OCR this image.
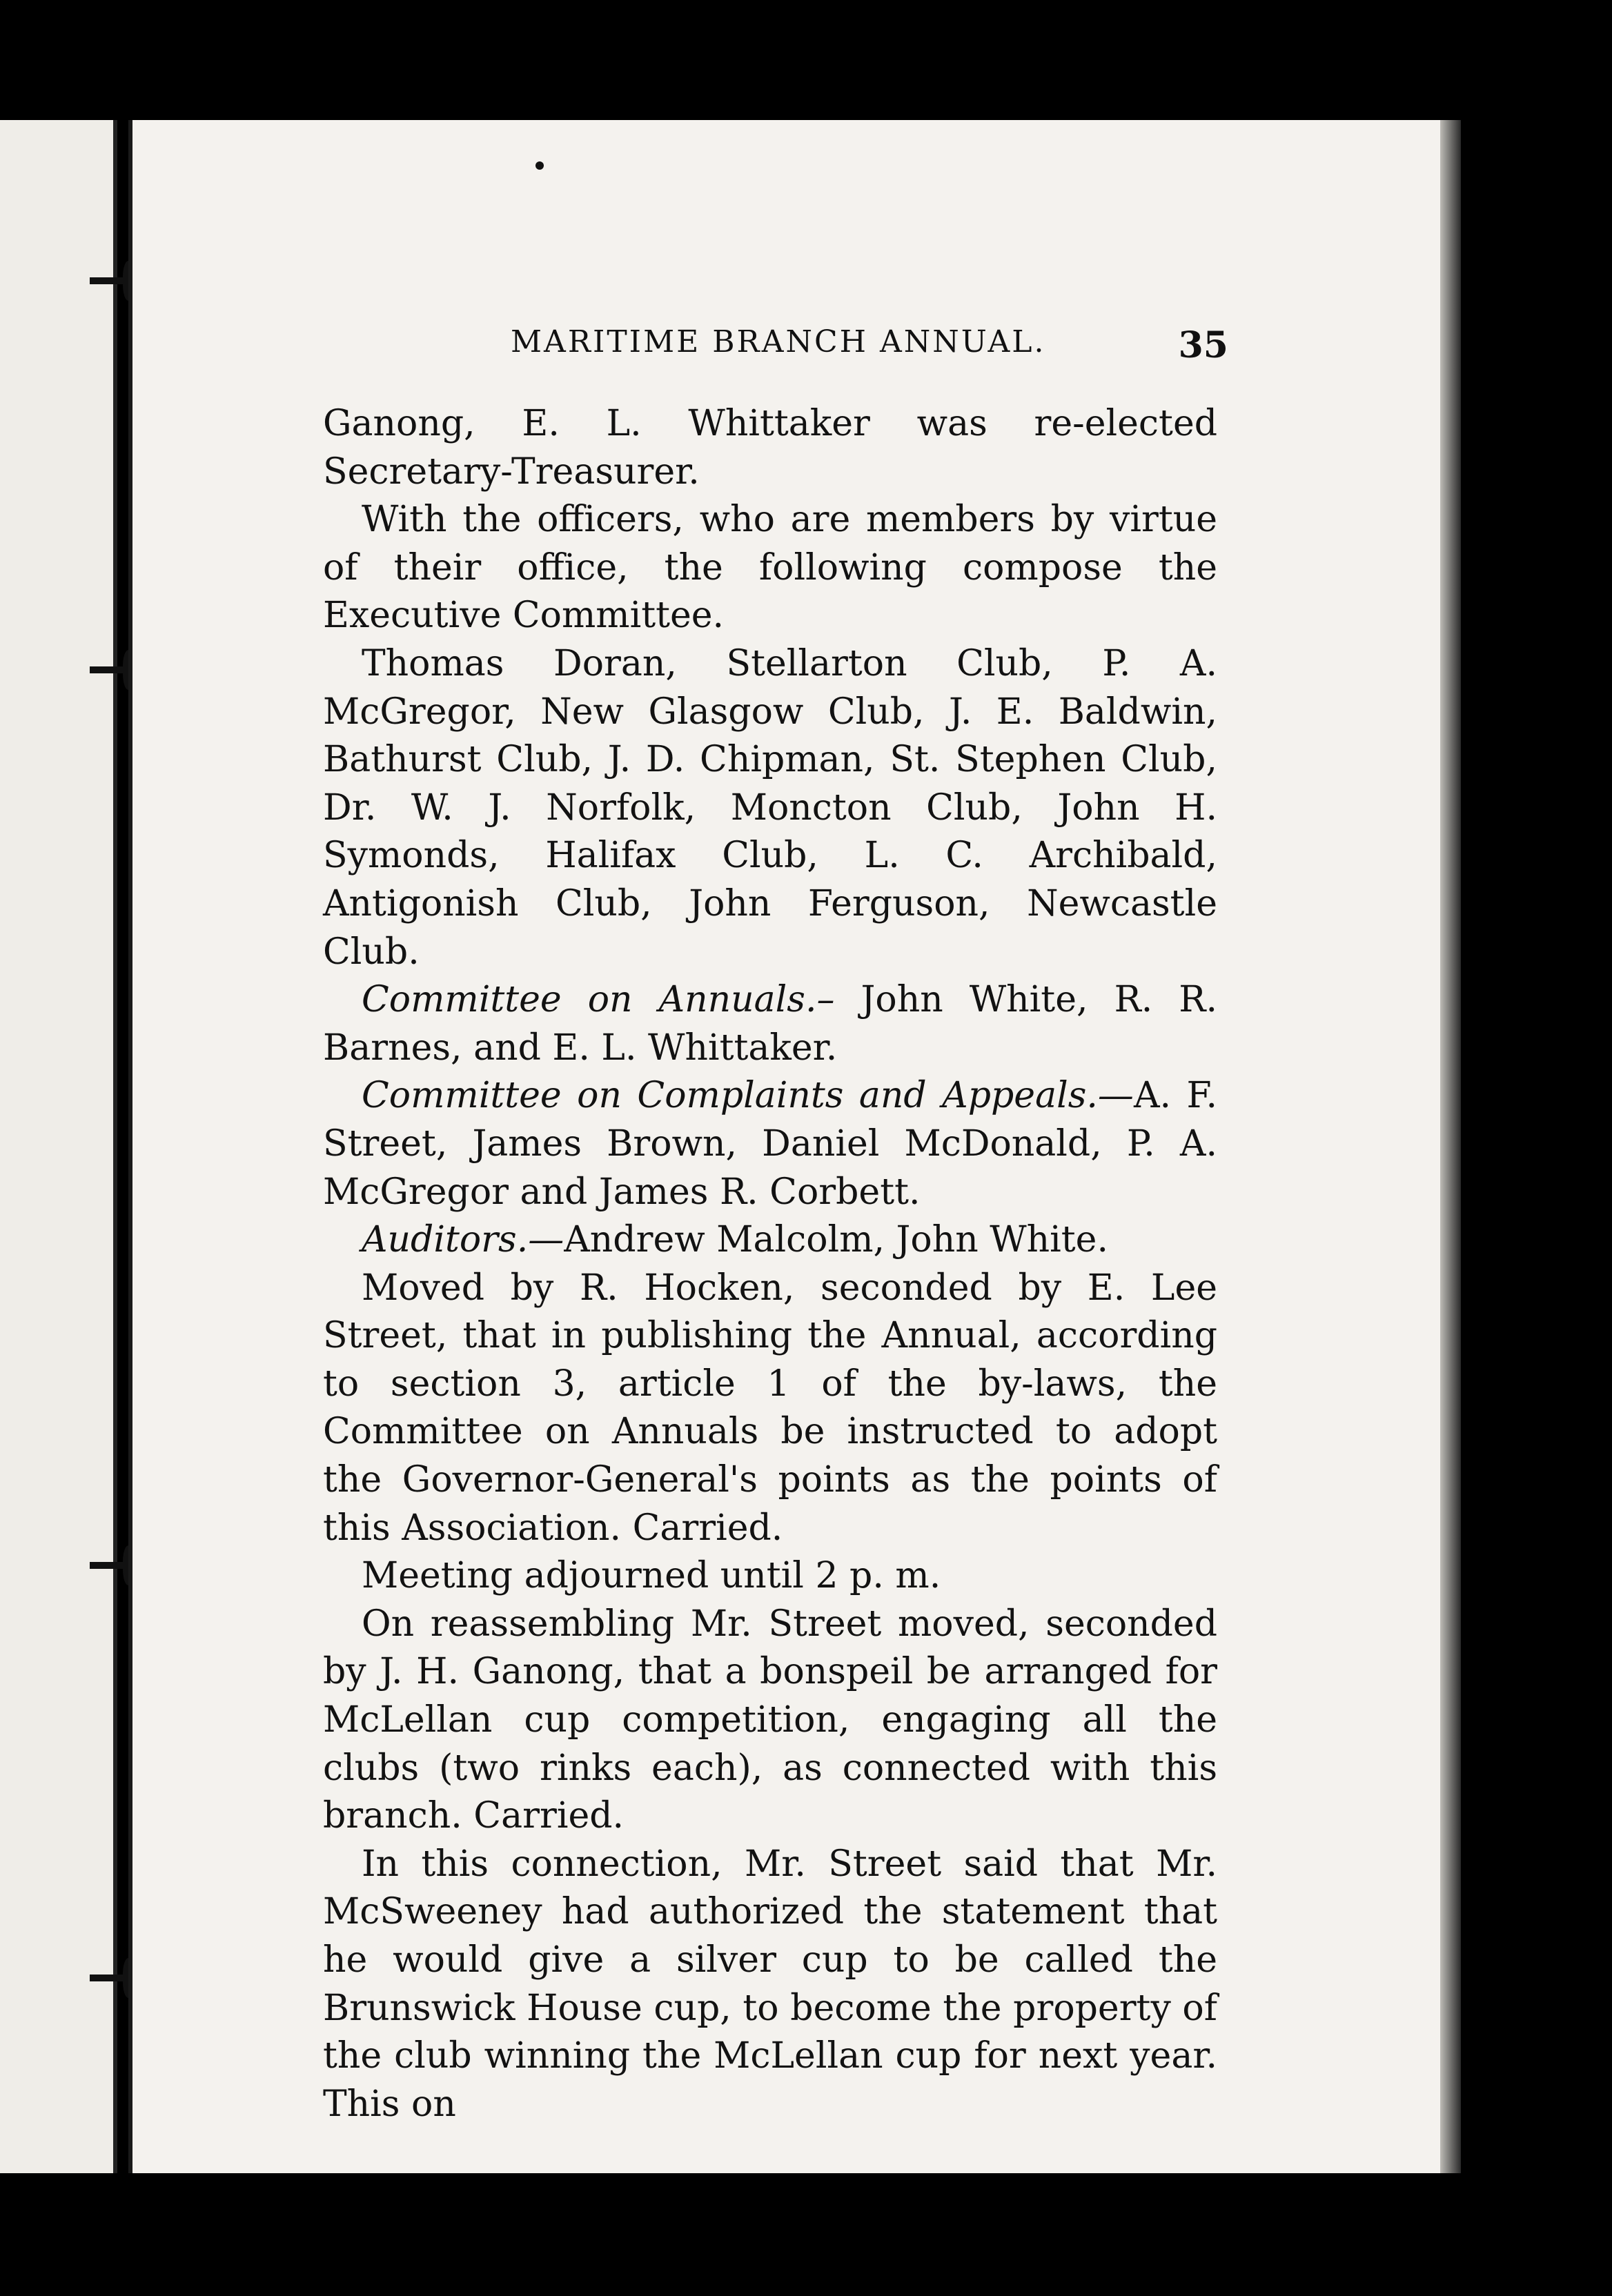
MARITIME BRANCH ANNUAL.	35

Ganong, E. L. Whittaker was re-elected Secretary-Treasurer.

With the officers, who are members by virtue of their office, the following compose the Executive Committee.

Thomas Doran, Stellarton Club, P. A. McGregor, New Glasgow Club, J. E. Baldwin, Bathurst Club, J. D. Chipman, St. Stephen Club, Dr. W. J. Norfolk, Moncton Club, John H. Symonds, Halifax Club, L. C. Archibald, Antigonish Club, John Ferguson, Newcastle Club.

Committee on Annuals.– John White, R. R. Barnes, and E. L. Whittaker.

Committee on Complaints and Appeals.—A. F. Street, James Brown, Daniel McDonald, P. A. McGregor and James R. Corbett.

Auditors.—Andrew Malcolm, John White.

Moved by R. Hocken, seconded by E. Lee Street, that in publishing the Annual, according to section 3, article 1 of the by-laws, the Committee on Annuals be instructed to adopt the Governor-General's points as the points of this Association. Carried.

Meeting adjourned until 2 p. m.

On reassembling Mr. Street moved, seconded by J. H. Ganong, that a bonspeil be arranged for McLellan cup competition, engaging all the clubs (two rinks each), as connected with this branch. Carried.

In this connection, Mr. Street said that Mr. McSweeney had authorized the statement that he would give a silver cup to be called the Brunswick House cup, to become the property of the club winning the McLellan cup for next year. This on
